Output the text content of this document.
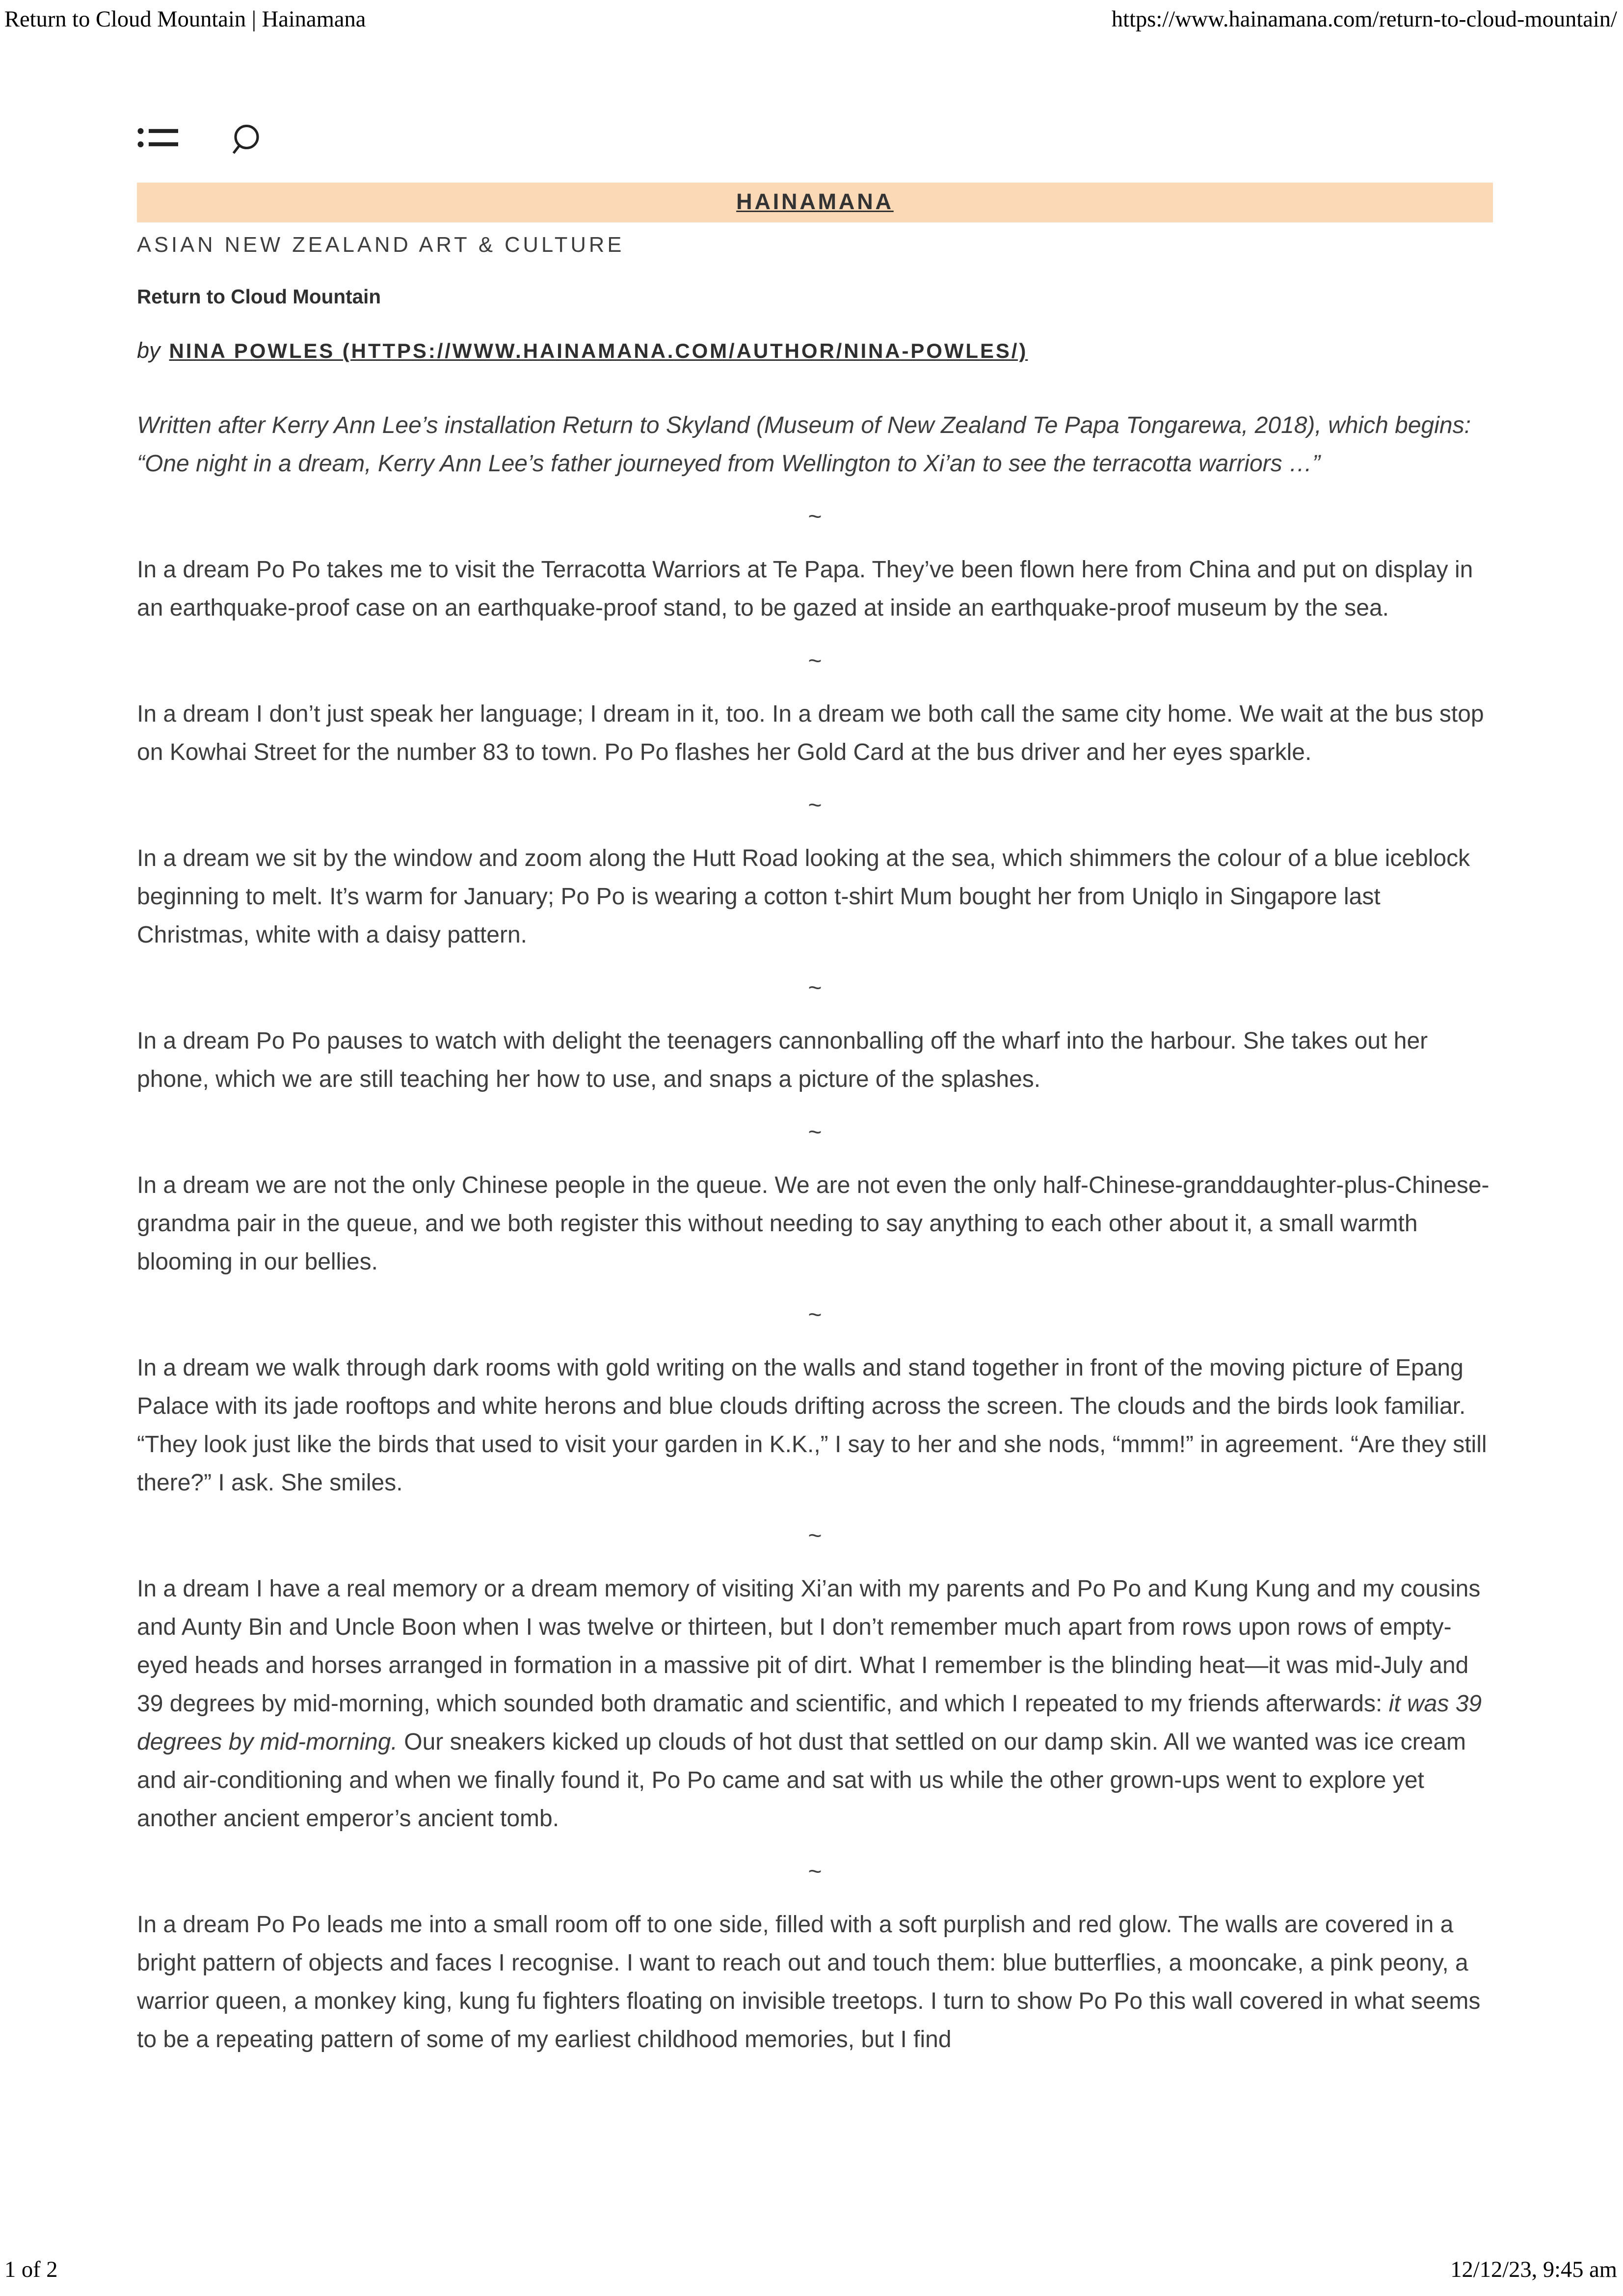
Return to Cloud Mountain | Hainamana	https://www.hainamana.com/return-to-cloud-mountain/
HAINAMANA
ASIAN NEW ZEALAND ART & CULTURE
Return to Cloud Mountain
by NINA POWLES (HTTPS://WWW.HAINAMANA.COM/AUTHOR/NINA-POWLES/)

Written after Kerry Ann Lee’s installation Return to Skyland (Museum of New Zealand Te Papa Tongarewa, 2018), which begins: “One night in a dream, Kerry Ann Lee’s father journeyed from Wellington to Xi’an to see the terracotta warriors …”

~

In a dream Po Po takes me to visit the Terracotta Warriors at Te Papa. They’ve been flown here from China and put on display in an earthquake-proof case on an earthquake-proof stand, to be gazed at inside an earthquake-proof museum by the sea.

~

In a dream I don’t just speak her language; I dream in it, too. In a dream we both call the same city home. We wait at the bus stop on Kowhai Street for the number 83 to town. Po Po flashes her Gold Card at the bus driver and her eyes sparkle.

~

In a dream we sit by the window and zoom along the Hutt Road looking at the sea, which shimmers the colour of a blue iceblock beginning to melt. It’s warm for January; Po Po is wearing a cotton t-shirt Mum bought her from Uniqlo in Singapore last Christmas, white with a daisy pattern.

~

In a dream Po Po pauses to watch with delight the teenagers cannonballing off the wharf into the harbour. She takes out her phone, which we are still teaching her how to use, and snaps a picture of the splashes.

~

In a dream we are not the only Chinese people in the queue. We are not even the only half-Chinese-granddaughter-plus-Chinese-grandma pair in the queue, and we both register this without needing to say anything to each other about it, a small warmth blooming in our bellies.

~

In a dream we walk through dark rooms with gold writing on the walls and stand together in front of the moving picture of Epang Palace with its jade rooftops and white herons and blue clouds drifting across the screen. The clouds and the birds look familiar. “They look just like the birds that used to visit your garden in K.K.,” I say to her and she nods, “mmm!” in agreement. “Are they still there?” I ask. She smiles.

~

In a dream I have a real memory or a dream memory of visiting Xi’an with my parents and Po Po and Kung Kung and my cousins and Aunty Bin and Uncle Boon when I was twelve or thirteen, but I don’t remember much apart from rows upon rows of empty-eyed heads and horses arranged in formation in a massive pit of dirt. What I remember is the blinding heat—it was mid-July and 39 degrees by mid-morning, which sounded both dramatic and scientific, and which I repeated to my friends afterwards: it was 39 degrees by mid-morning. Our sneakers kicked up clouds of hot dust that settled on our damp skin. All we wanted was ice cream and air-conditioning and when we finally found it, Po Po came and sat with us while the other grown-ups went to explore yet another ancient emperor’s ancient tomb.

~

In a dream Po Po leads me into a small room off to one side, filled with a soft purplish and red glow. The walls are covered in a bright pattern of objects and faces I recognise. I want to reach out and touch them: blue butterflies, a mooncake, a pink peony, a warrior queen, a monkey king, kung fu fighters floating on invisible treetops. I turn to show Po Po this wall covered in what seems to be a repeating pattern of some of my earliest childhood memories, but I find

1 of 2	12/12/23, 9:45 am
